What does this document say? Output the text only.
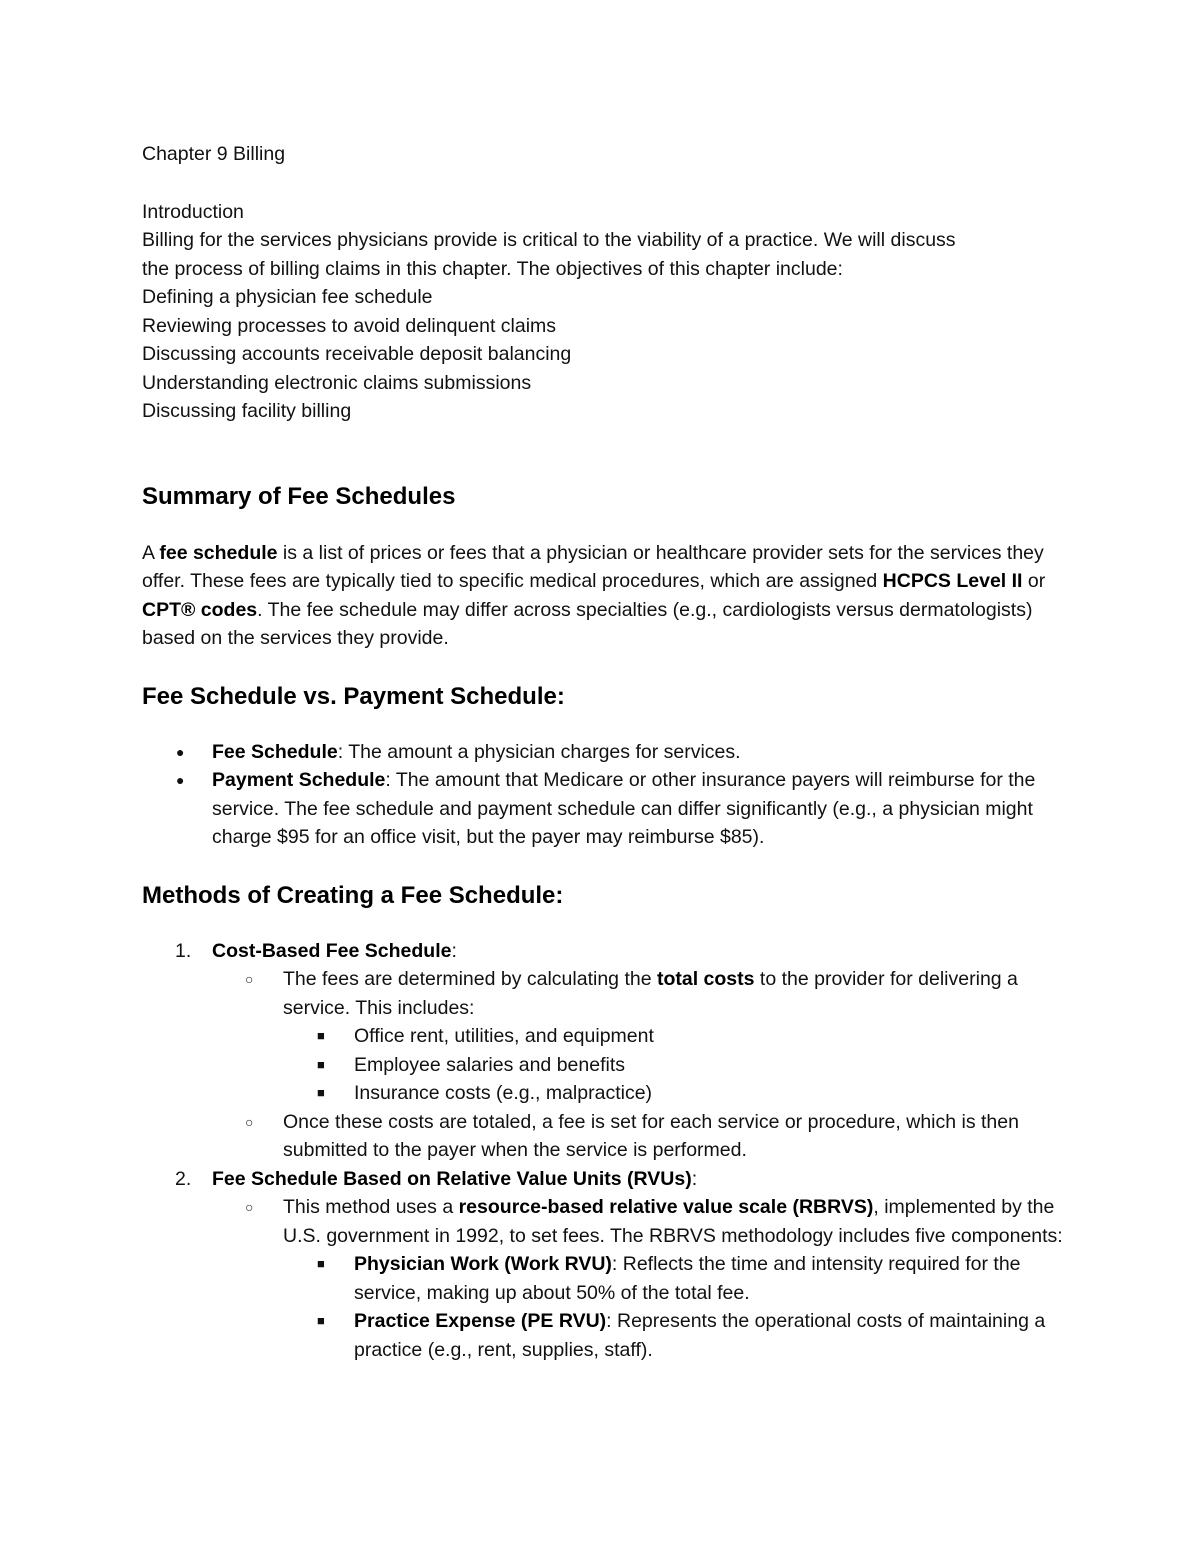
Chapter 9 Billing

Introduction

Billing for the services physicians provide is critical to the viability of a practice. We will discuss

the process of billing claims in this chapter. The objectives of this chapter include:

Defining a physician fee schedule

Reviewing processes to avoid delinquent claims

Discussing accounts receivable deposit balancing

Understanding electronic claims submissions

Discussing facility billing

Summary of Fee Schedules

A fee schedule is a list of prices or fees that a physician or healthcare provider sets for the services they offer. These fees are typically tied to specific medical procedures, which are assigned HCPCS Level II or CPT® codes. The fee schedule may differ across specialties (e.g., cardiologists versus dermatologists) based on the services they provide.

Fee Schedule vs. Payment Schedule:
● Fee Schedule: The amount a physician charges for services.
● Payment Schedule: The amount that Medicare or other insurance payers will reimburse for the service. The fee schedule and payment schedule can differ significantly (e.g., a physician might charge $95 for an office visit, but the payer may reimburse $85).
Methods of Creating a Fee Schedule:
1. Cost-Based Fee Schedule:
○ The fees are determined by calculating the total costs to the provider for delivering a service. This includes:
■ Office rent, utilities, and equipment
■ Employee salaries and benefits
■ Insurance costs (e.g., malpractice)
○ Once these costs are totaled, a fee is set for each service or procedure, which is then submitted to the payer when the service is performed.
2. Fee Schedule Based on Relative Value Units (RVUs):
○ This method uses a resource-based relative value scale (RBRVS), implemented by the U.S. government in 1992, to set fees. The RBRVS methodology includes five components:
■ Physician Work (Work RVU): Reflects the time and intensity required for the service, making up about 50% of the total fee.
■ Practice Expense (PE RVU): Represents the operational costs of maintaining a practice (e.g., rent, supplies, staff).
